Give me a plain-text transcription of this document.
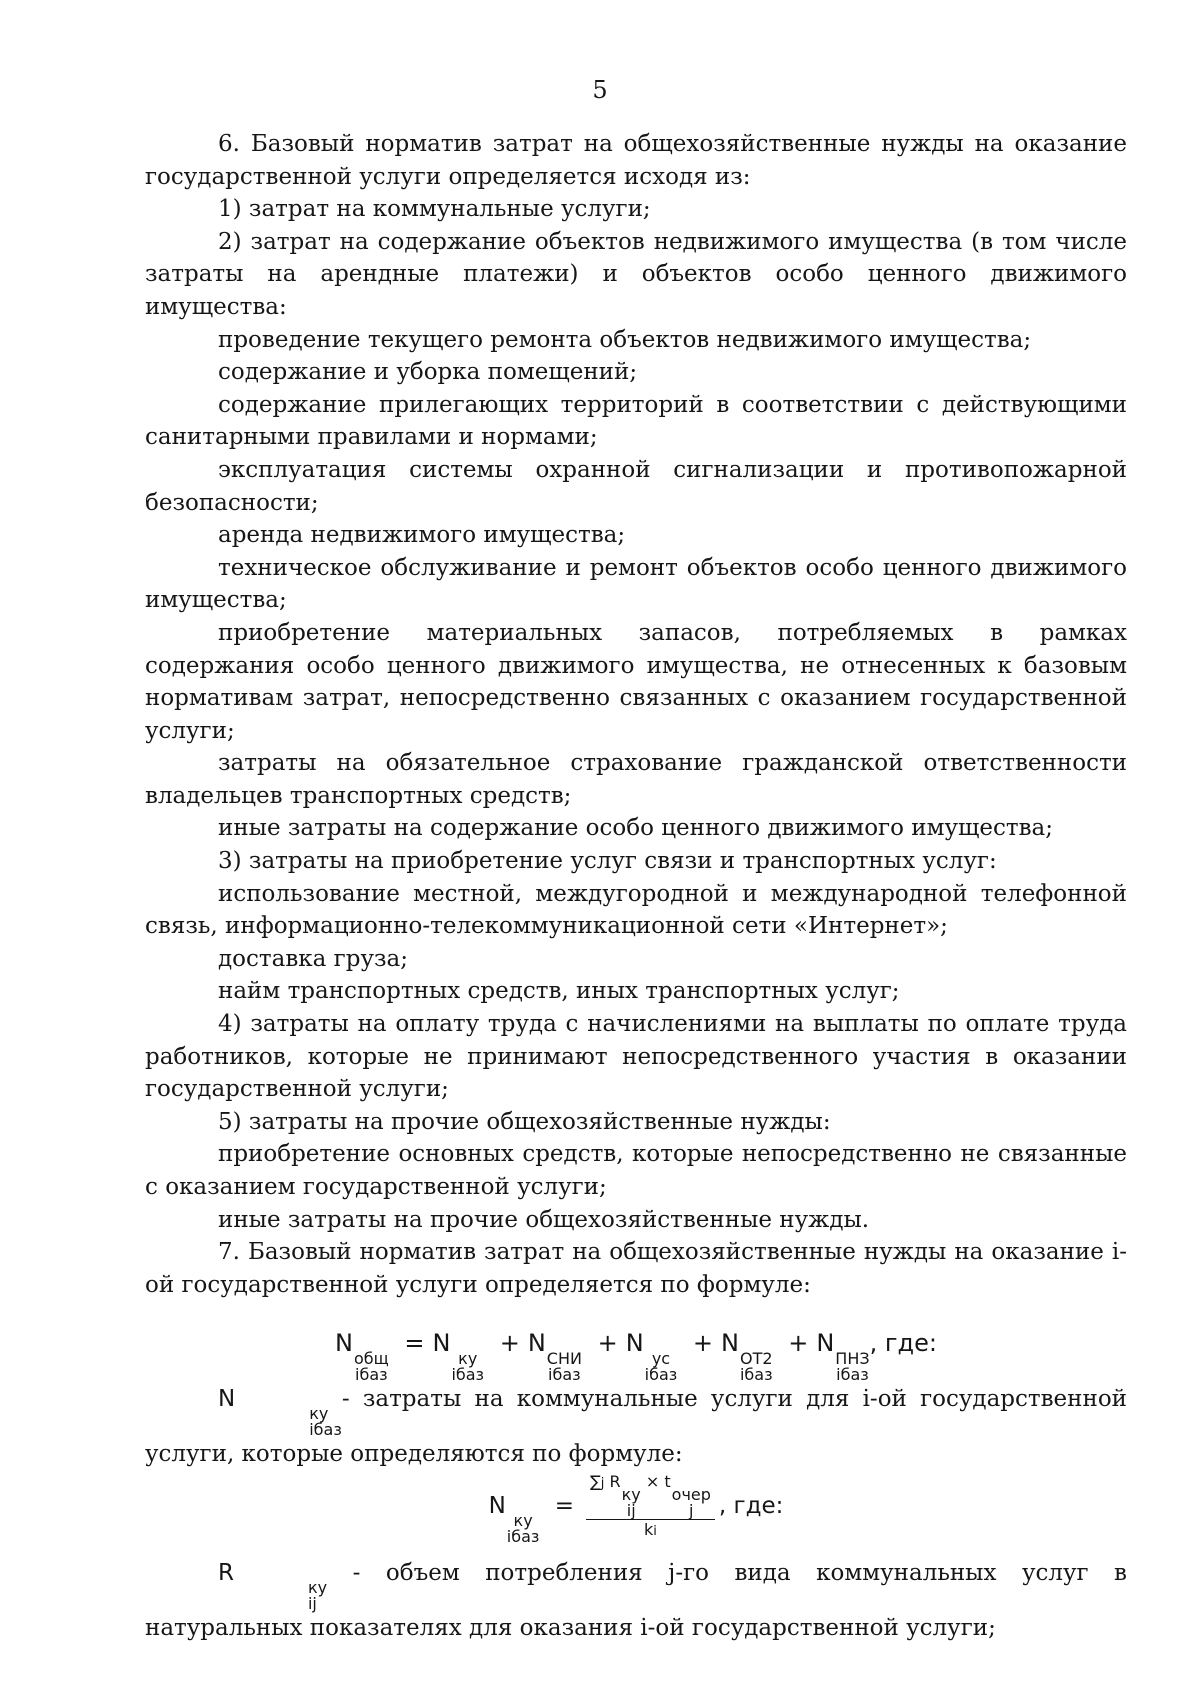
5

6. Базовый норматив затрат на общехозяйственные нужды на оказание государственной услуги определяется исходя из:

1) затрат на коммунальные услуги;

2) затрат на содержание объектов недвижимого имущества (в том числе затраты на арендные платежи) и объектов особо ценного движимого имущества:

проведение текущего ремонта объектов недвижимого имущества;

содержание и уборка помещений;

содержание прилегающих территорий в соответствии с действующими санитарными правилами и нормами;

эксплуатация системы охранной сигнализации и противопожарной безопасности;

аренда недвижимого имущества;

техническое обслуживание и ремонт объектов особо ценного движимого имущества;

приобретение материальных запасов, потребляемых в рамках содержания особо ценного движимого имущества, не отнесенных к базовым нормативам затрат, непосредственно связанных с оказанием государственной услуги;

затраты на обязательное страхование гражданской ответственности владельцев транспортных средств;

иные затраты на содержание особо ценного движимого имущества;

3) затраты на приобретение услуг связи и транспортных услуг:

использование местной, междугородной и международной телефонной связь, информационно-телекоммуникационной сети «Интернет»;

доставка груза;

найм транспортных средств, иных транспортных услуг;

4) затраты на оплату труда с начислениями на выплаты по оплате труда работников, которые не принимают непосредственного участия в оказании государственной услуги;

5) затраты на прочие общехозяйственные нужды:

приобретение основных средств, которые непосредственно не связанные с оказанием государственной услуги;

иные затраты на прочие общехозяйственные нужды.

7. Базовый норматив затрат на общехозяйственные нужды на оказание i-ой государственной услуги определяется по формуле:

N
общ
iбаз
= N
ку
iбаз
+ N
СНИ
iбаз
+ N
ус
iбаз
+ N
ОТ2
iбаз
+ N
ПНЗ
iбаз
, где:

N
ку
iбаз
- затраты на коммунальные услуги для i-ой государственной услуги, которые определяются по формуле:

N
ку
iбаз
= ∑j R
ку
ij
× t
очер
j
ki , где:

R
ку
ij
- объем потребления j-го вида коммунальных услуг в натуральных показателях для оказания i-ой государственной услуги;
